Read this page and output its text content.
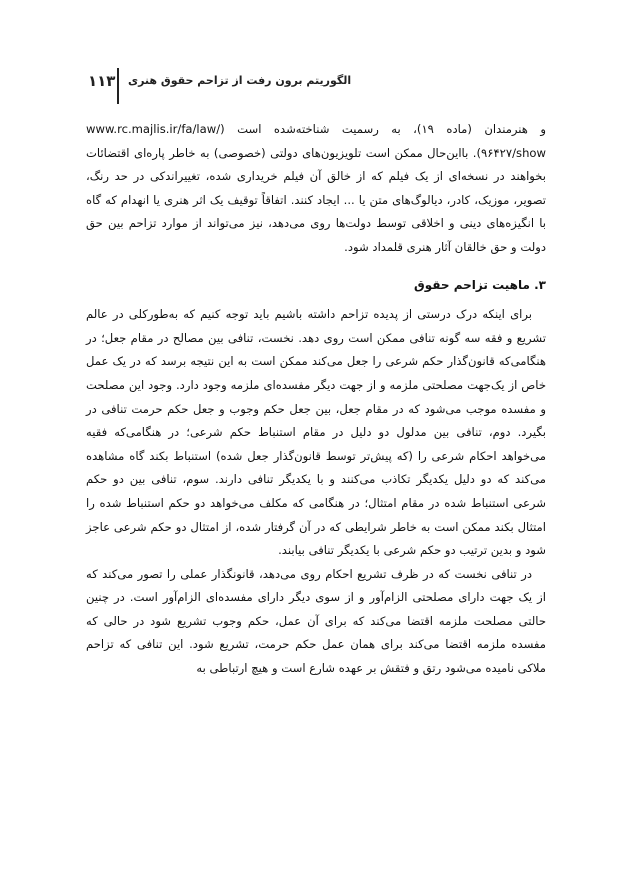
۱۱۳ الگوریتم برون رفت از تزاحم حقوق هنری

و هنرمندان (ماده ۱۹)، به رسمیت شناخته‌شده است (/www.rc.majlis.ir/fa/law ۹۶۴۲۷/show). بااین‌حال ممکن است تلویزیون‌های دولتی (خصوصی) به خاطر پاره‌ای اقتضائات بخواهند در نسخه‌ای از یک فیلم که از خالق آن فیلم خریداری شده، تغییراندکی در حد رنگ، تصویر، موزیک، کادر، دیالوگ‌های متن یا ... ایجاد کنند. اتفاقاً توقیف یک اثر هنری یا انهدام که گاه با انگیزه‌های دینی و اخلاقی توسط دولت‌ها روی می‌دهد، نیز می‌تواند از موارد تزاحم بین حق دولت و حق خالقان آثار هنری قلمداد شود.

۳. ماهیت تزاحم حقوق

برای اینکه درک درستی از پدیده تزاحم داشته باشیم باید توجه کنیم که به‌طورکلی در عالم تشریع و فقه سه گونه تنافی ممکن است روی دهد. نخست، تنافی بین مصالح در مقام جعل؛ در هنگامی‌که قانون‌گذار حکم شرعی را جعل می‌کند ممکن است به این نتیجه برسد که در یک عمل خاص از یک‌جهت مصلحتی ملزمه و از جهت دیگر مفسده‌ای ملزمه وجود دارد. وجود این مصلحت و مفسده موجب می‌شود که در مقام جعل، بین جعل حکم وجوب و جعل حکم حرمت تنافی در بگیرد. دوم، تنافی بین مدلول دو دلیل در مقام استنباط حکم شرعی؛ در هنگامی‌که فقیه می‌خواهد احکام شرعی را (که پیش‌تر توسط قانون‌گذار جعل شده) استنباط بکند گاه مشاهده می‌کند که دو دلیل یکدیگر تکاذب می‌کنند و با یکدیگر تنافی دارند. سوم، تنافی بین دو حکم شرعی استنباط شده در مقام امتثال؛ در هنگامی که مکلف می‌خواهد دو حکم استنباط شده را امتثال بکند ممکن است به خاطر شرایطی که در آن گرفتار شده، از امتثال دو حکم شرعی عاجز شود و بدین ترتیب دو حکم شرعی با یکدیگر تنافی بیابند.

در تنافی نخست که در ظرف تشریع احکام روی می‌دهد، قانونگذار عملی را تصور می‌کند که از یک جهت دارای مصلحتی الزام‌آور و از سوی دیگر دارای مفسده‌ای الزام‌آور است. در چنین حالتی مصلحت ملزمه اقتضا می‌کند که برای آن عمل، حکم وجوب تشریع شود در حالی که مفسده ملزمه اقتضا می‌کند برای همان عمل حکم حرمت، تشریع شود. این تنافی که تزاحم ملاکی نامیده می‌شود رتق و فتقش بر عهده شارع است و هیچ ارتباطی به
